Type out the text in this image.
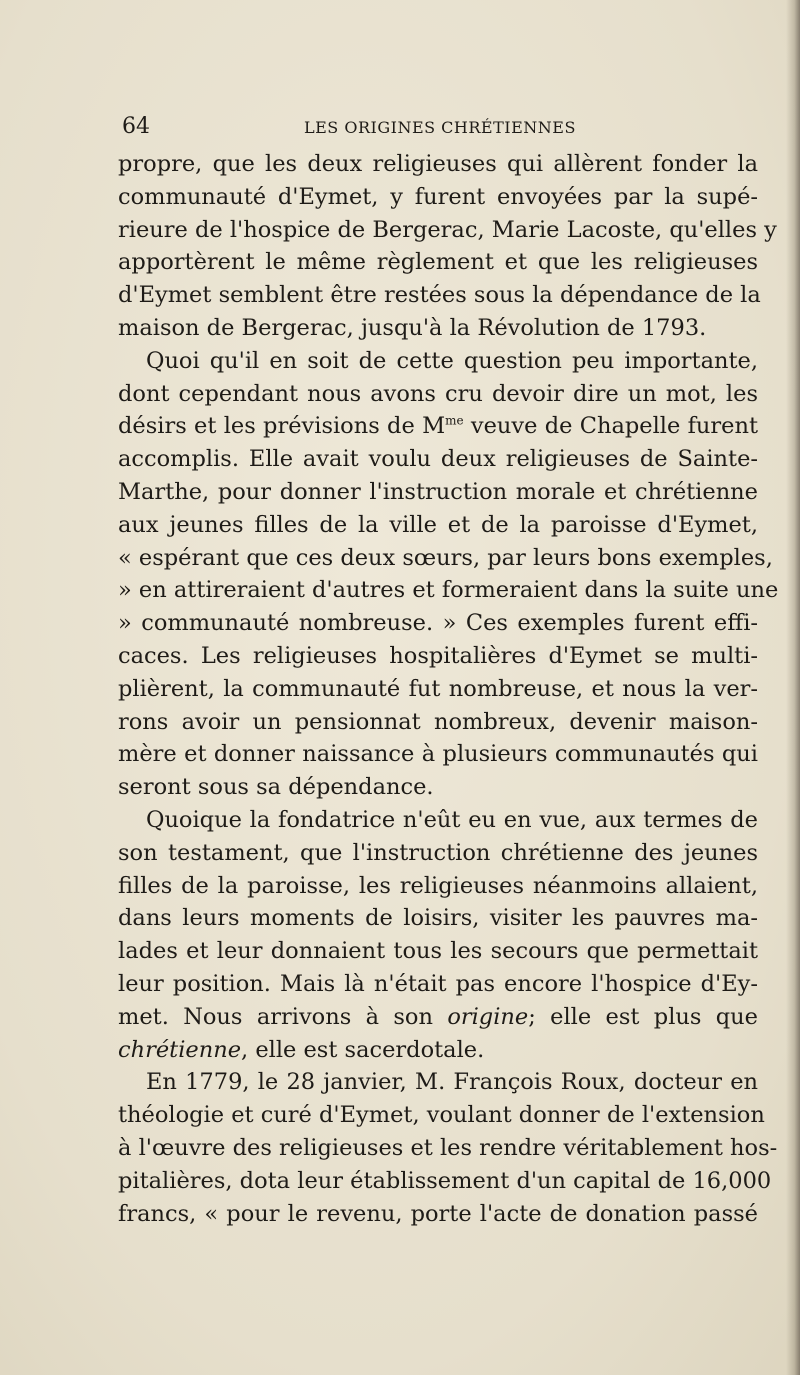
64	LES ORIGINES CHRÉTIENNES
propre, que les deux religieuses qui allèrent fonder la
communauté d'Eymet, y furent envoyées par la supé-
rieure de l'hospice de Bergerac, Marie Lacoste, qu'elles y
apportèrent le même règlement et que les religieuses
d'Eymet semblent être restées sous la dépendance de la
maison de Bergerac, jusqu'à la Révolution de 1793.
Quoi qu'il en soit de cette question peu importante,
dont cependant nous avons cru devoir dire un mot, les
désirs et les prévisions de $M^{me}$ veuve de Chapelle furent
accomplis. Elle avait voulu deux religieuses de Sainte-
Marthe, pour donner l'instruction morale et chrétienne
aux jeunes filles de la ville et de la paroisse d'Eymet,
« espérant que ces deux sœurs, par leurs bons exemples,
» en attireraient d'autres et formeraient dans la suite une
» communauté nombreuse. » Ces exemples furent effi-
caces. Les religieuses hospitalières d'Eymet se multi-
plièrent, la communauté fut nombreuse, et nous la ver-
rons avoir un pensionnat nombreux, devenir maison-
mère et donner naissance à plusieurs communautés qui
seront sous sa dépendance.
Quoique la fondatrice n'eût eu en vue, aux termes de
son testament, que l'instruction chrétienne des jeunes
filles de la paroisse, les religieuses néanmoins allaient,
dans leurs moments de loisirs, visiter les pauvres ma-
lades et leur donnaient tous les secours que permettait
leur position. Mais là n'était pas encore l'hospice d'Ey-
met. Nous arrivons à son origine; elle est plus que
chrétienne, elle est sacerdotale.
En 1779, le 28 janvier, M. François Roux, docteur en
théologie et curé d'Eymet, voulant donner de l'extension
à l'œuvre des religieuses et les rendre véritablement hos-
pitalières, dota leur établissement d'un capital de 16,000
francs, « pour le revenu, porte l'acte de donation passé
